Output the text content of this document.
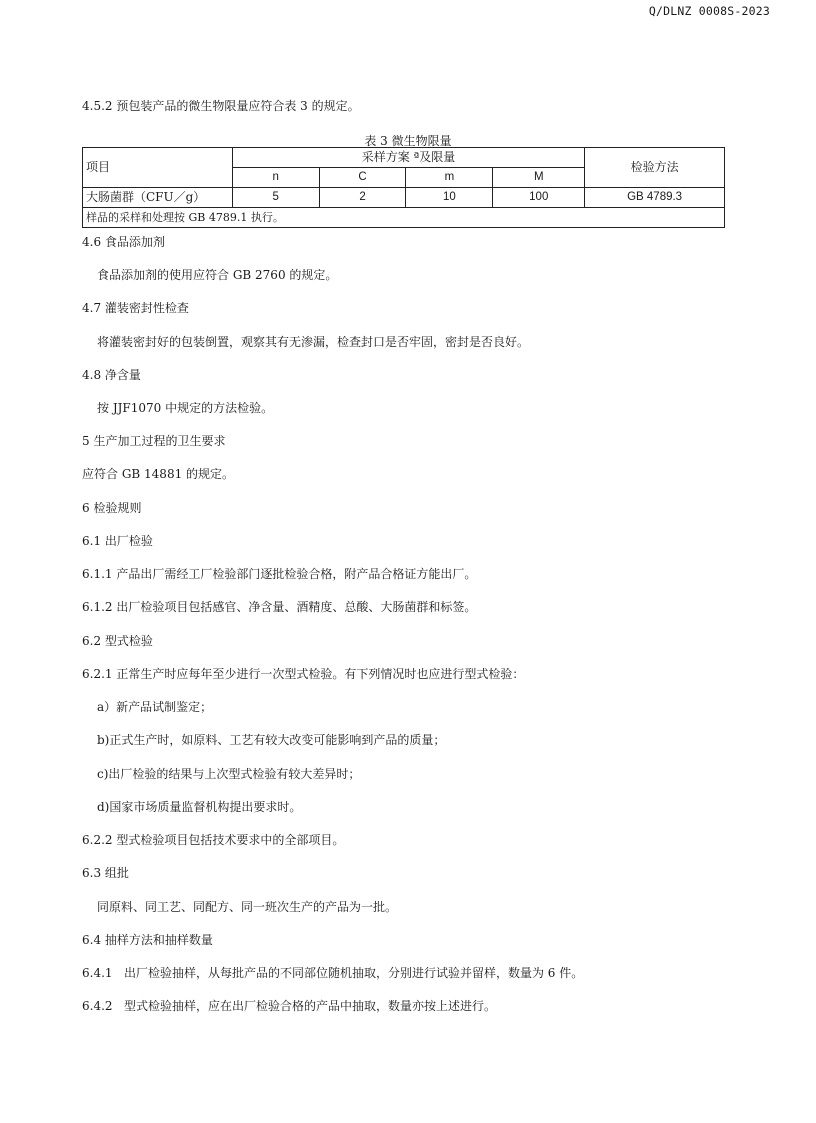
Q/DLNZ 0008S-2023
4.5.2 预包装产品的微生物限量应符合表 3 的规定。
表 3 微生物限量
项目	采样方案 ª及限量				检验方法
	n	C	m	M	
大肠菌群（CFU／g）	5	2	10	100	GB 4789.3
样品的采样和处理按 GB 4789.1 执行。					
4.6 食品添加剂
食品添加剂的使用应符合 GB 2760 的规定。
4.7 灌装密封性检查
将灌装密封好的包装倒置，观察其有无渗漏，检查封口是否牢固，密封是否良好。
4.8 净含量
按 JJF1070 中规定的方法检验。
5 生产加工过程的卫生要求
应符合 GB 14881 的规定。
6 检验规则
6.1 出厂检验
6.1.1 产品出厂需经工厂检验部门逐批检验合格，附产品合格证方能出厂。
6.1.2 出厂检验项目包括感官、净含量、酒精度、总酸、大肠菌群和标签。
6.2 型式检验
6.2.1 正常生产时应每年至少进行一次型式检验。有下列情况时也应进行型式检验：
a）新产品试制鉴定；
b)正式生产时，如原料、工艺有较大改变可能影响到产品的质量；
c)出厂检验的结果与上次型式检验有较大差异时；
d)国家市场质量监督机构提出要求时。
6.2.2 型式检验项目包括技术要求中的全部项目。
6.3 组批
同原料、同工艺、同配方、同一班次生产的产品为一批。
6.4 抽样方法和抽样数量
6.4.1   出厂检验抽样，从每批产品的不同部位随机抽取，分别进行试验并留样，数量为 6 件。
6.4.2   型式检验抽样，应在出厂检验合格的产品中抽取，数量亦按上述进行。
